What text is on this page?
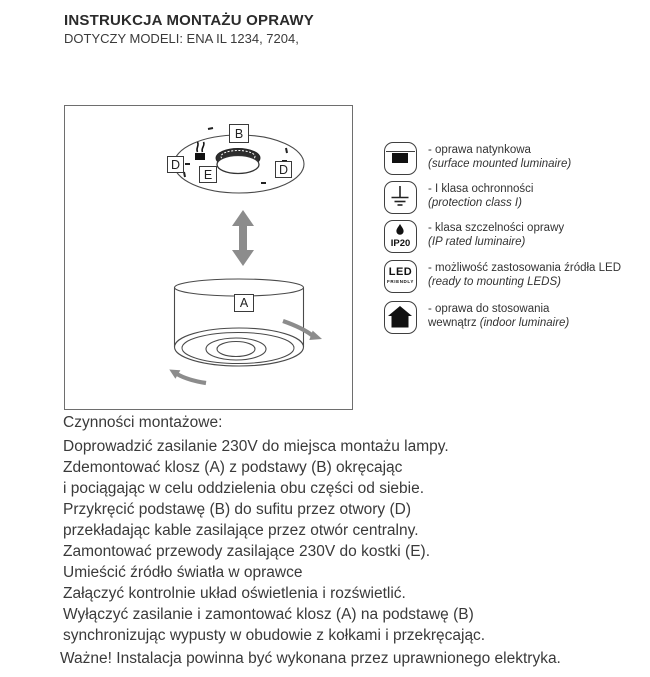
INSTRUKCJA MONTAŻU OPRAWY
DOTYCZY MODELI: ENA IL 1234, 7204,
B
D
E	D
A
- oprawa natynkowa
(surface mounted luminaire)
- I klasa ochronności
(protection class I)
IP20
- klasa szczelności oprawy
(IP rated luminaire)
LED
FRIENDLY
- możliwość zastosowania źródła LED
(ready to mounting LEDS)
- oprawa do stosowania
wewnątrz (indoor luminaire)
Czynności montażowe:
Doprowadzić zasilanie 230V do miejsca montażu lampy.
Zdemontować klosz (A) z podstawy (B) okręcając
i pociągając w celu oddzielenia obu części od siebie.
Przykręcić podstawę (B) do sufitu przez otwory (D)
przekładając kable zasilające przez otwór centralny.
Zamontować przewody zasilające 230V do kostki (E).
Umieścić źródło światła w oprawce
Załączyć kontrolnie układ oświetlenia i rozświetlić.
Wyłączyć zasilanie i zamontować klosz (A) na podstawę (B)
synchronizując wypusty w obudowie z kołkami i przekręcając.
Ważne! Instalacja powinna być wykonana przez uprawnionego elektryka.
